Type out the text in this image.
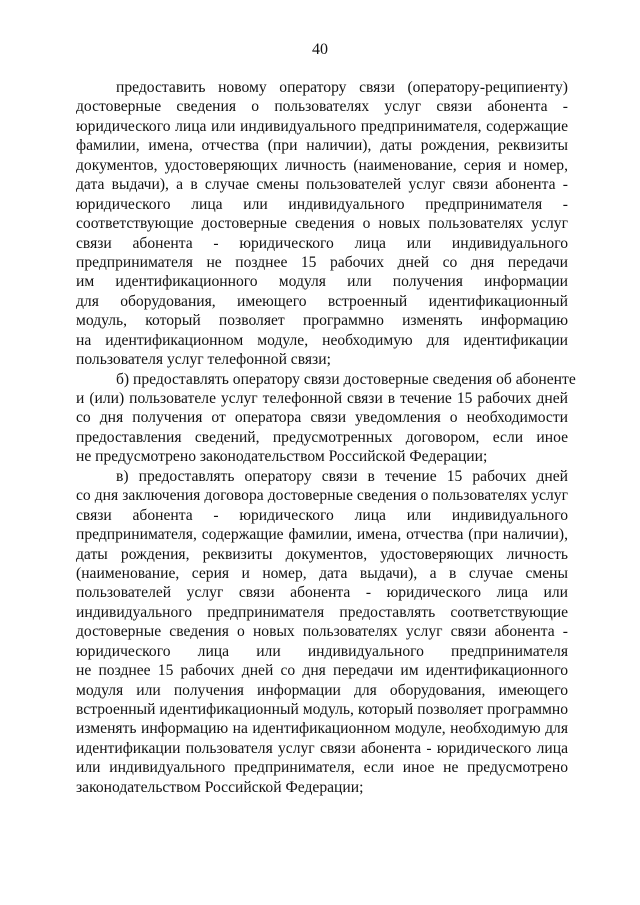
40
предоставить новому оператору связи (оператору-реципиенту)
достоверные сведения о пользователях услуг связи абонента -
юридического лица или индивидуального предпринимателя, содержащие
фамилии, имена, отчества (при наличии), даты рождения, реквизиты
документов, удостоверяющих личность (наименование, серия и номер,
дата выдачи), а в случае смены пользователей услуг связи абонента -
юридического лица или индивидуального предпринимателя -
соответствующие достоверные сведения о новых пользователях услуг
связи абонента - юридического лица или индивидуального
предпринимателя не позднее 15 рабочих дней со дня передачи
им идентификационного модуля или получения информации
для оборудования, имеющего встроенный идентификационный
модуль, который позволяет программно изменять информацию
на идентификационном модуле, необходимую для идентификации
пользователя услуг телефонной связи;
б) предоставлять оператору связи достоверные сведения об абоненте
и (или) пользователе услуг телефонной связи в течение 15 рабочих дней
со дня получения от оператора связи уведомления о необходимости
предоставления сведений, предусмотренных договором, если иное
не предусмотрено законодательством Российской Федерации;
в) предоставлять оператору связи в течение 15 рабочих дней
со дня заключения договора достоверные сведения о пользователях услуг
связи абонента - юридического лица или индивидуального
предпринимателя, содержащие фамилии, имена, отчества (при наличии),
даты рождения, реквизиты документов, удостоверяющих личность
(наименование, серия и номер, дата выдачи), а в случае смены
пользователей услуг связи абонента - юридического лица или
индивидуального предпринимателя предоставлять соответствующие
достоверные сведения о новых пользователях услуг связи абонента -
юридического лица или индивидуального предпринимателя
не позднее 15 рабочих дней со дня передачи им идентификационного
модуля или получения информации для оборудования, имеющего
встроенный идентификационный модуль, который позволяет программно
изменять информацию на идентификационном модуле, необходимую для
идентификации пользователя услуг связи абонента - юридического лица
или индивидуального предпринимателя, если иное не предусмотрено
законодательством Российской Федерации;
